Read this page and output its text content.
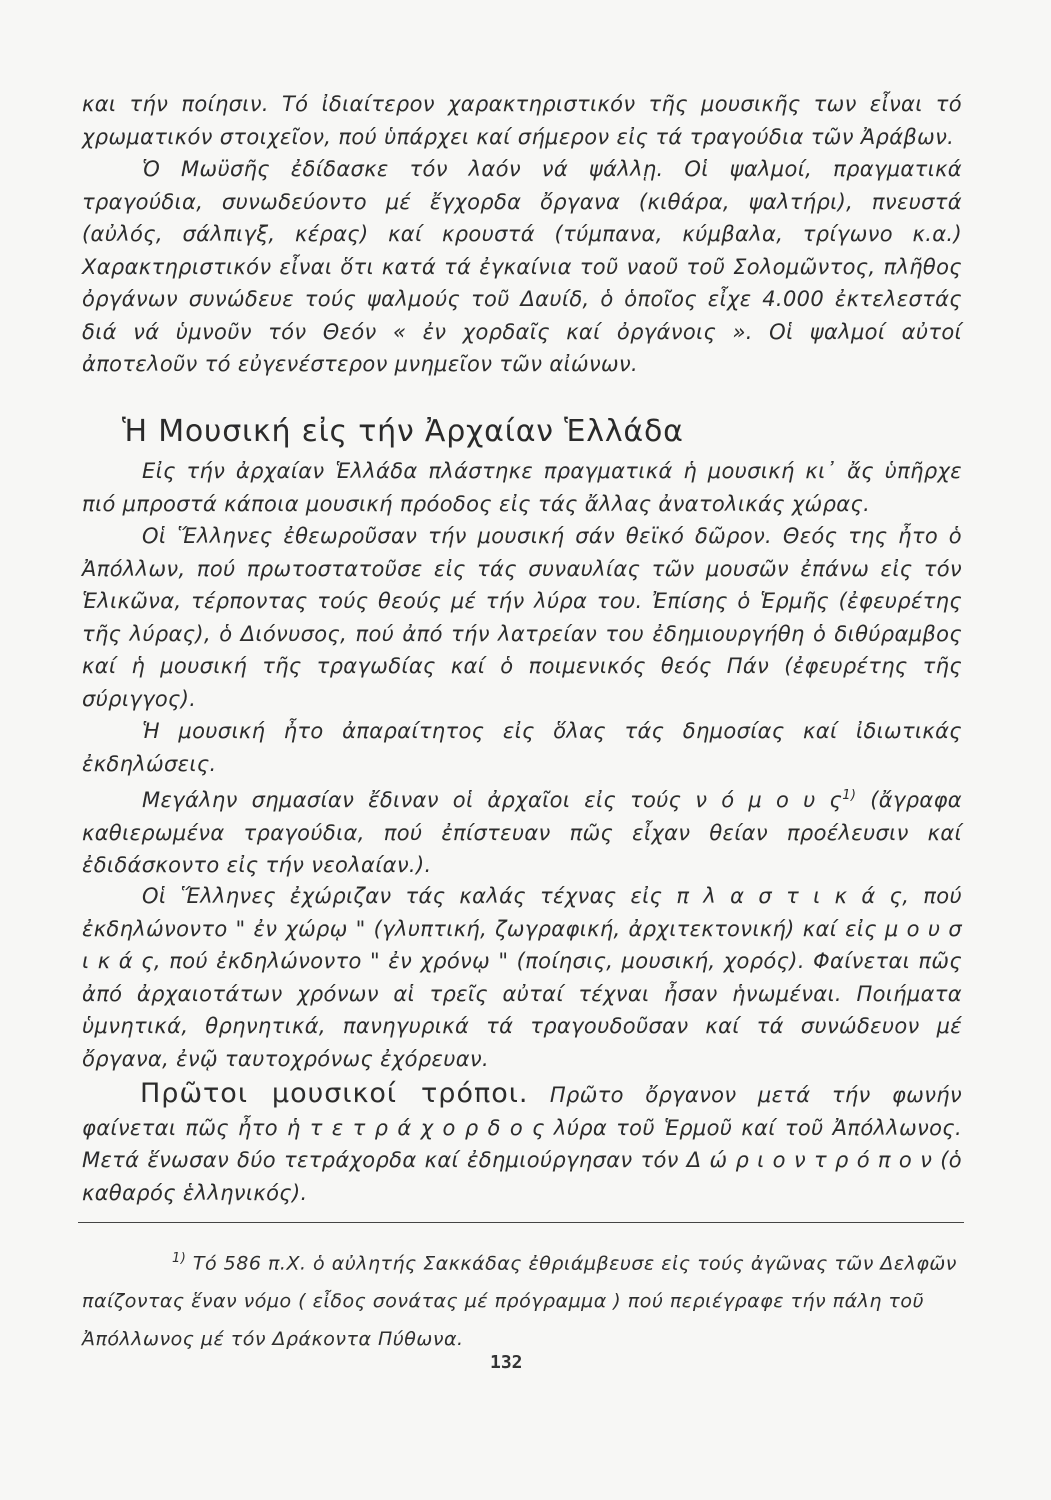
και τήν ποίησιν. Τό ἰδιαίτερον χαρακτηριστικόν τῆς μουσικῆς των εἶναι τό χρωματικόν στοιχεῖον, πού ὑπάρχει καί σήμερον εἰς τά τραγούδια τῶν Ἀράβων.

Ὁ Μωϋσῆς ἐδίδασκε τόν λαόν νά ψάλλῃ. Οἱ ψαλμοί, πραγματικά τραγούδια, συνωδεύοντο μέ ἔγχορδα ὄργανα (κιθάρα, ψαλτήρι), πνευστά (αὐλός, σάλπιγξ, κέρας) καί κρουστά (τύμπανα, κύμβαλα, τρίγωνο κ.α.) Χαρακτηριστικόν εἶναι ὅτι κατά τά ἐγκαίνια τοῦ ναοῦ τοῦ Σολομῶντος, πλῆθος ὀργάνων συνώδευε τούς ψαλμούς τοῦ Δαυίδ, ὁ ὁποῖος εἶχε 4.000 ἐκτελεστάς διά νά ὑμνοῦν τόν Θεόν « ἐν χορδαῖς καί ὀργάνοις ». Οἱ ψαλμοί αὐτοί ἀποτελοῦν τό εὐγενέστερον μνημεῖον τῶν αἰώνων.

Ἡ Μουσική εἰς τήν Ἀρχαίαν Ἑλλάδα

Εἰς τήν ἀρχαίαν Ἑλλάδα πλάστηκε πραγματικά ἡ μουσική κι᾽ ἄς ὑπῆρχε πιό μπροστά κάποια μουσική πρόοδος εἰς τάς ἄλλας ἀνατολικάς χώρας.

Οἱ Ἕλληνες ἐθεωροῦσαν τήν μουσική σάν θεϊκό δῶρον. Θεός της ἦτο ὁ Ἀπόλλων, πού πρωτοστατοῦσε εἰς τάς συναυλίας τῶν μουσῶν ἐπάνω εἰς τόν Ἑλικῶνα, τέρποντας τούς θεούς μέ τήν λύρα του. Ἐπίσης ὁ Ἑρμῆς (ἐφευρέτης τῆς λύρας), ὁ Διόνυσος, πού ἀπό τήν λατρείαν του ἐδημιουργήθη ὁ διθύραμβος καί ἡ μουσική τῆς τραγωδίας καί ὁ ποιμενικός θεός Πάν (ἐφευρέτης τῆς σύριγγος).

Ἡ μουσική ἦτο ἀπαραίτητος εἰς ὅλας τάς δημοσίας καί ἰδιωτικάς ἐκδηλώσεις.

Μεγάλην σημασίαν ἔδιναν οἱ ἀρχαῖοι εἰς τούς ν ό μ ο υ $\varsigma^{1)}$ (ἄγραφα καθιερωμένα τραγούδια, πού ἐπίστευαν πῶς εἶχαν θείαν προέλευσιν καί ἐδιδάσκοντο εἰς τήν νεολαίαν.).

Οἱ Ἕλληνες ἐχώριζαν τάς καλάς τέχνας εἰς π λ α σ τ ι κ ά ς, πού ἐκδηλώνοντο " ἐν χώρῳ " (γλυπτική, ζωγραφική, ἀρχιτεκτονική) καί εἰς μ ο υ σ ι κ ά ς, πού ἐκδηλώνοντο " ἐν χρόνῳ " (ποίησις, μουσική, χορός). Φαίνεται πῶς ἀπό ἀρχαιοτάτων χρόνων αἱ τρεῖς αὐταί τέχναι ἦσαν ἡνωμέναι. Ποιήματα ὑμνητικά, θρηνητικά, πανηγυρικά τά τραγουδοῦσαν καί τά συνώδευον μέ ὄργανα, ἐνῷ ταυτοχρόνως ἐχόρευαν.

Πρῶτοι μουσικοί τρόποι. Πρῶτο ὄργανον μετά τήν φωνήν φαίνεται πῶς ἦτο ἡ τ ε τ ρ ά χ ο ρ δ ο ς λύρα τοῦ Ἑρμοῦ καί τοῦ Ἀπόλλωνος. Μετά ἕνωσαν δύο τετράχορδα καί ἐδημιούργησαν τόν Δ ώ ρ ι ο ν τ ρ ό π ο ν (ὁ καθαρός ἑλληνικός).

$^{1)}$ Τό 586 π.Χ. ὁ αὐλητής Σακκάδας ἐθριάμβευσε εἰς τούς ἀγῶνας τῶν Δελφῶν παίζοντας ἕναν νόμο ( εἶδος σονάτας μέ πρόγραμμα ) πού περιέγραφε τήν πάλη τοῦ Ἀπόλλωνος μέ τόν Δράκοντα Πύθωνα.

132
